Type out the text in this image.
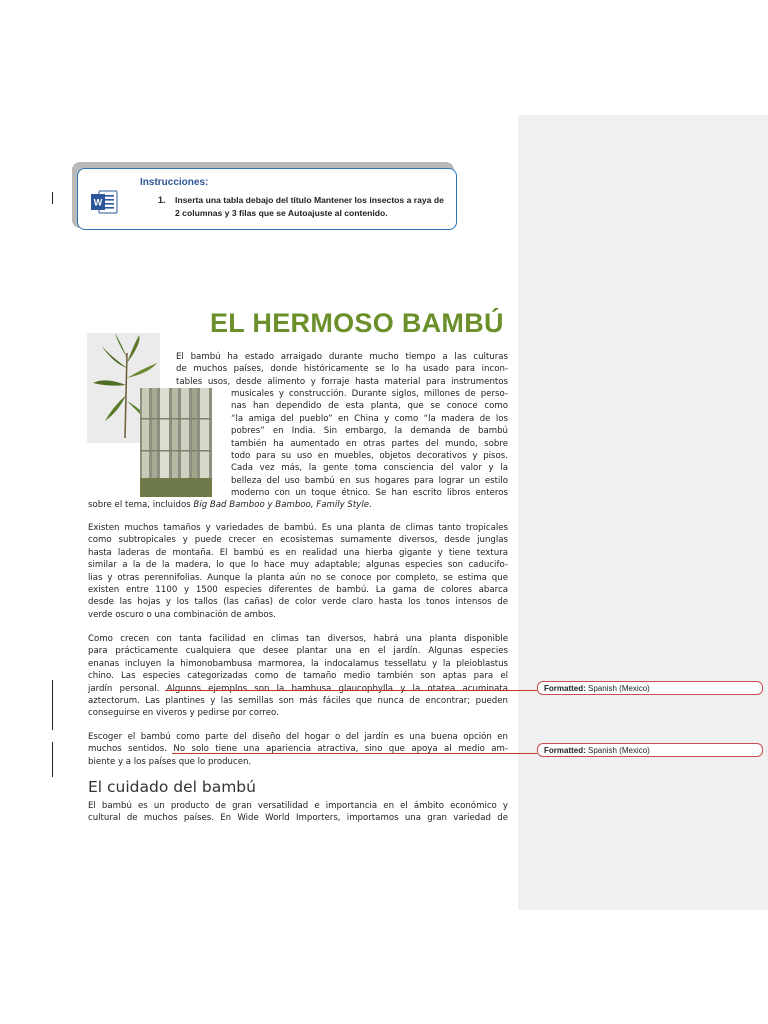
W
Instrucciones:
1. Inserta una tabla debajo del título Mantener los insectos a raya de
2 columnas y 3 filas que se Autoajuste al contenido.
EL HERMOSO BAMBÚ
El bambú ha estado arraigado durante mucho tiempo a las culturas
de muchos países, donde históricamente se lo ha usado para incon-
tables usos, desde alimento y forraje hasta material para instrumentos
musicales y construcción. Durante siglos, millones de perso-
nas han dependido de esta planta, que se conoce como
“la amiga del pueblo” en China y como “la madera de los
pobres” en India. Sin embargo, la demanda de bambú
también ha aumentado en otras partes del mundo, sobre
todo para su uso en muebles, objetos decorativos y pisos.
Cada vez más, la gente toma consciencia del valor y la
belleza del uso bambú en sus hogares para lograr un estilo
moderno con un toque étnico. Se han escrito libros enteros
sobre el tema, incluidos Big Bad Bamboo y Bamboo, Family Style.
Existen muchos tamaños y variedades de bambú. Es una planta de climas tanto tropicales
como subtropicales y puede crecer en ecosistemas sumamente diversos, desde junglas
hasta laderas de montaña. El bambú es en realidad una hierba gigante y tiene textura
similar a la de la madera, lo que lo hace muy adaptable; algunas especies son caducifo-
lias y otras perennifolias. Aunque la planta aún no se conoce por completo, se estima que
existen entre 1100 y 1500 especies diferentes de bambú. La gama de colores abarca
desde las hojas y los tallos (las cañas) de color verde claro hasta los tonos intensos de
verde oscuro o una combinación de ambos.
Como crecen con tanta facilidad en climas tan diversos, habrá una planta disponible
para prácticamente cualquiera que desee plantar una en el jardín. Algunas especies
enanas incluyen la himonobambusa marmorea, la indocalamus tessellatu y la pleioblastus
chino. Las especies categorizadas como de tamaño medio también son aptas para el
jardín personal. Algunos ejemplos son la bambusa glaucophylla y la otatea acuminata
aztectorum. Las plantines y las semillas son más fáciles que nunca de encontrar; pueden
conseguirse en viveros y pedirse por correo.
Escoger el bambú como parte del diseño del hogar o del jardín es una buena opción en
muchos sentidos. No solo tiene una apariencia atractiva, sino que apoya al medio am-
biente y a los países que lo producen.
El cuidado del bambú
El bambú es un producto de gran versatilidad e importancia en el ámbito económico y
cultural de muchos países. En Wide World Importers, importamos una gran variedad de
Formatted: Spanish (Mexico)
Formatted: Spanish (Mexico)
